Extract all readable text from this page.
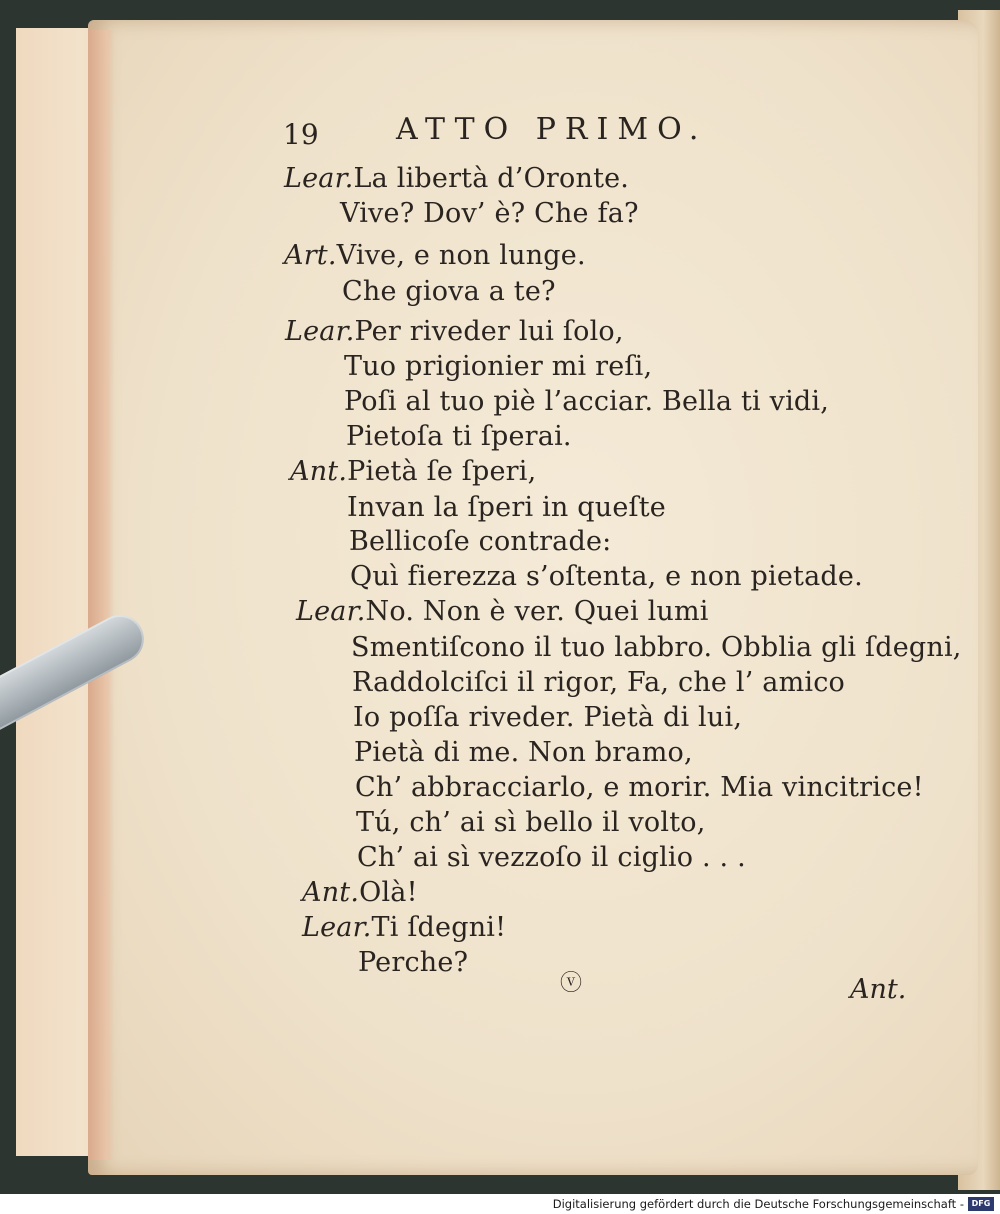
19	ATTO PRIMO.
Lear.La libertà d’Oronte.
Vive? Dov’ è? Che fa?
Art.Vive, e non lunge.
Che giova a te?
Lear.Per riveder lui ſolo,
Tuo prigionier mi reſi,
Poſi al tuo piè l’acciar. Bella ti vidi,
Pietoſa ti ſperai.
Ant.Pietà ſe ſperi,
Invan la ſperi in queſte
Bellicoſe contrade:
Quì fierezza s’oſtenta, e non pietade.
Lear.No. Non è ver. Quei lumi
Smentiſcono il tuo labbro. Obblia gli ſdegni,
Raddolciſci il rigor, Fa, che l’ amico
Io poſſa riveder. Pietà di lui,
Pietà di me. Non bramo,
Ch’ abbracciarlo, e morir. Mia vincitrice!
Tú, ch’ ai sì bello il volto,
Ch’ ai sì vezzoſo il ciglio . . .
Ant.Olà!
Lear.Ti ſdegni!
Perche?
ⓥ	Ant.
Digitalisierung gefördert durch die Deutsche Forschungsgemeinschaft - DFG
